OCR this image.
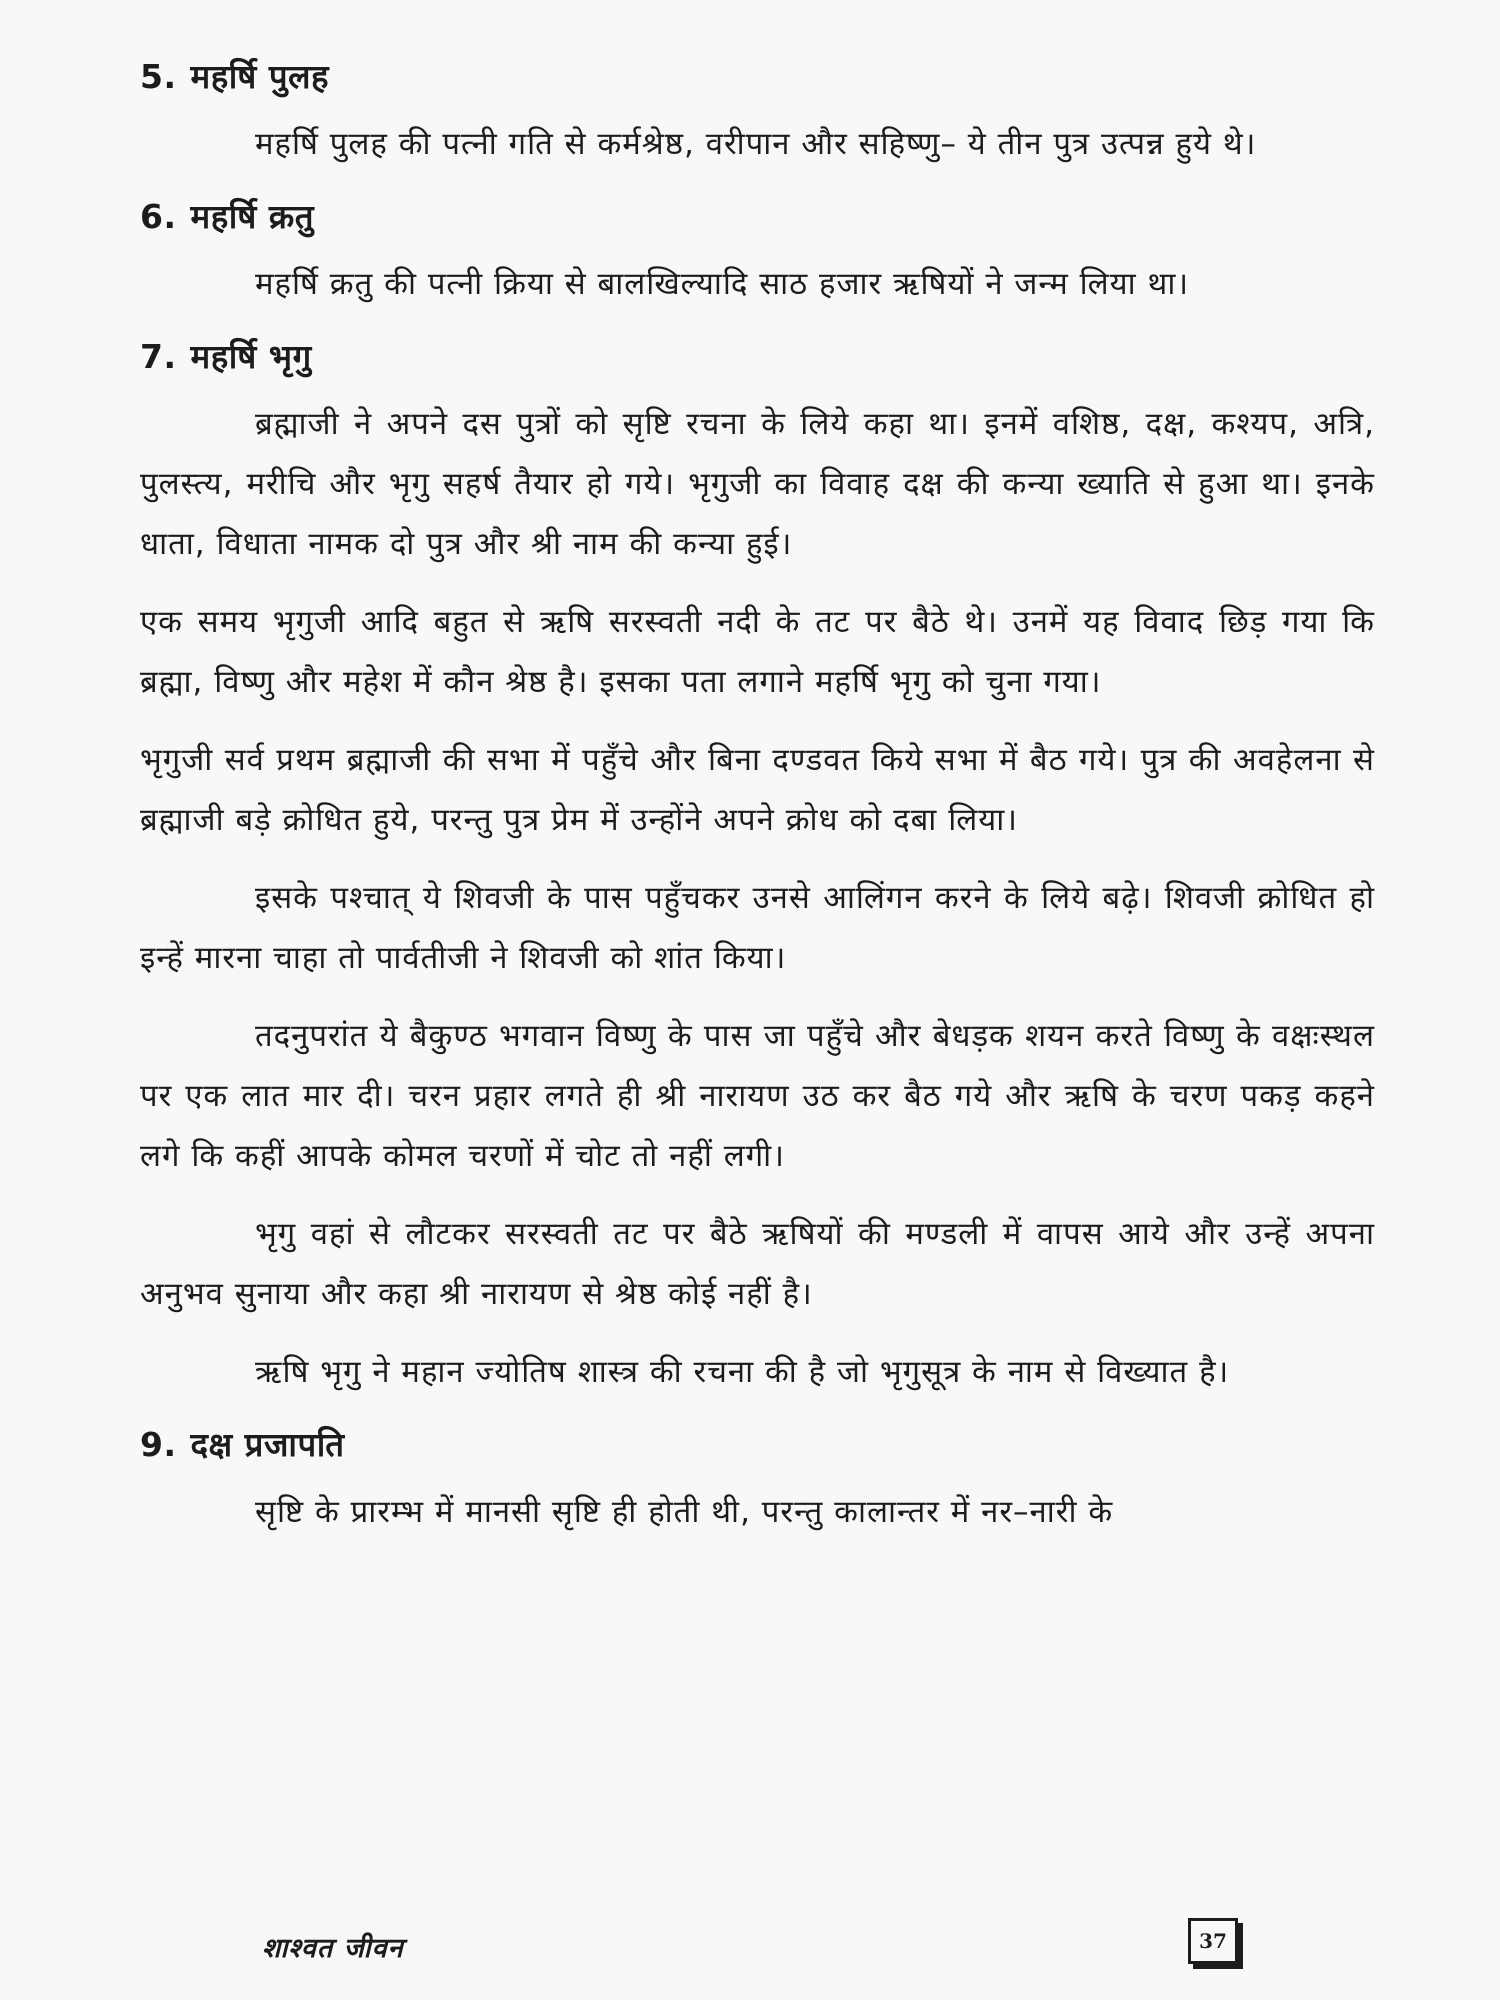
5. महर्षि पुलह

महर्षि पुलह की पत्नी गति से कर्मश्रेष्ठ, वरीपान और सहिष्णु– ये तीन पुत्र उत्पन्न हुये थे।

6. महर्षि क्रतु

महर्षि क्रतु की पत्नी क्रिया से बालखिल्यादि साठ हजार ऋषियों ने जन्म लिया था।

7. महर्षि भृगु

ब्रह्माजी ने अपने दस पुत्रों को सृष्टि रचना के लिये कहा था। इनमें वशिष्ठ, दक्ष, कश्यप, अत्रि, पुलस्त्य, मरीचि और भृगु सहर्ष तैयार हो गये। भृगुजी का विवाह दक्ष की कन्या ख्याति से हुआ था। इनके धाता, विधाता नामक दो पुत्र और श्री नाम की कन्या हुई।

एक समय भृगुजी आदि बहुत से ऋषि सरस्वती नदी के तट पर बैठे थे। उनमें यह विवाद छिड़ गया कि ब्रह्मा, विष्णु और महेश में कौन श्रेष्ठ है। इसका पता लगाने महर्षि भृगु को चुना गया।

भृगुजी सर्व प्रथम ब्रह्माजी की सभा में पहुँचे और बिना दण्डवत किये सभा में बैठ गये। पुत्र की अवहेलना से ब्रह्माजी बड़े क्रोधित हुये, परन्तु पुत्र प्रेम में उन्होंने अपने क्रोध को दबा लिया।

इसके पश्चात् ये शिवजी के पास पहुँचकर उनसे आलिंगन करने के लिये बढ़े। शिवजी क्रोधित हो इन्हें मारना चाहा तो पार्वतीजी ने शिवजी को शांत किया।

तदनुपरांत ये बैकुण्ठ भगवान विष्णु के पास जा पहुँचे और बेधड़क शयन करते विष्णु के वक्षःस्थल पर एक लात मार दी। चरन प्रहार लगते ही श्री नारायण उठ कर बैठ गये और ऋषि के चरण पकड़ कहने लगे कि कहीं आपके कोमल चरणों में चोट तो नहीं लगी।

भृगु वहां से लौटकर सरस्वती तट पर बैठे ऋषियों की मण्डली में वापस आये और उन्हें अपना अनुभव सुनाया और कहा श्री नारायण से श्रेष्ठ कोई नहीं है।

ऋषि भृगु ने महान ज्योतिष शास्त्र की रचना की है जो भृगुसूत्र के नाम से विख्यात है।

9. दक्ष प्रजापति

सृष्टि के प्रारम्भ में मानसी सृष्टि ही होती थी, परन्तु कालान्तर में नर–नारी के

शाश्वत जीवन	37
